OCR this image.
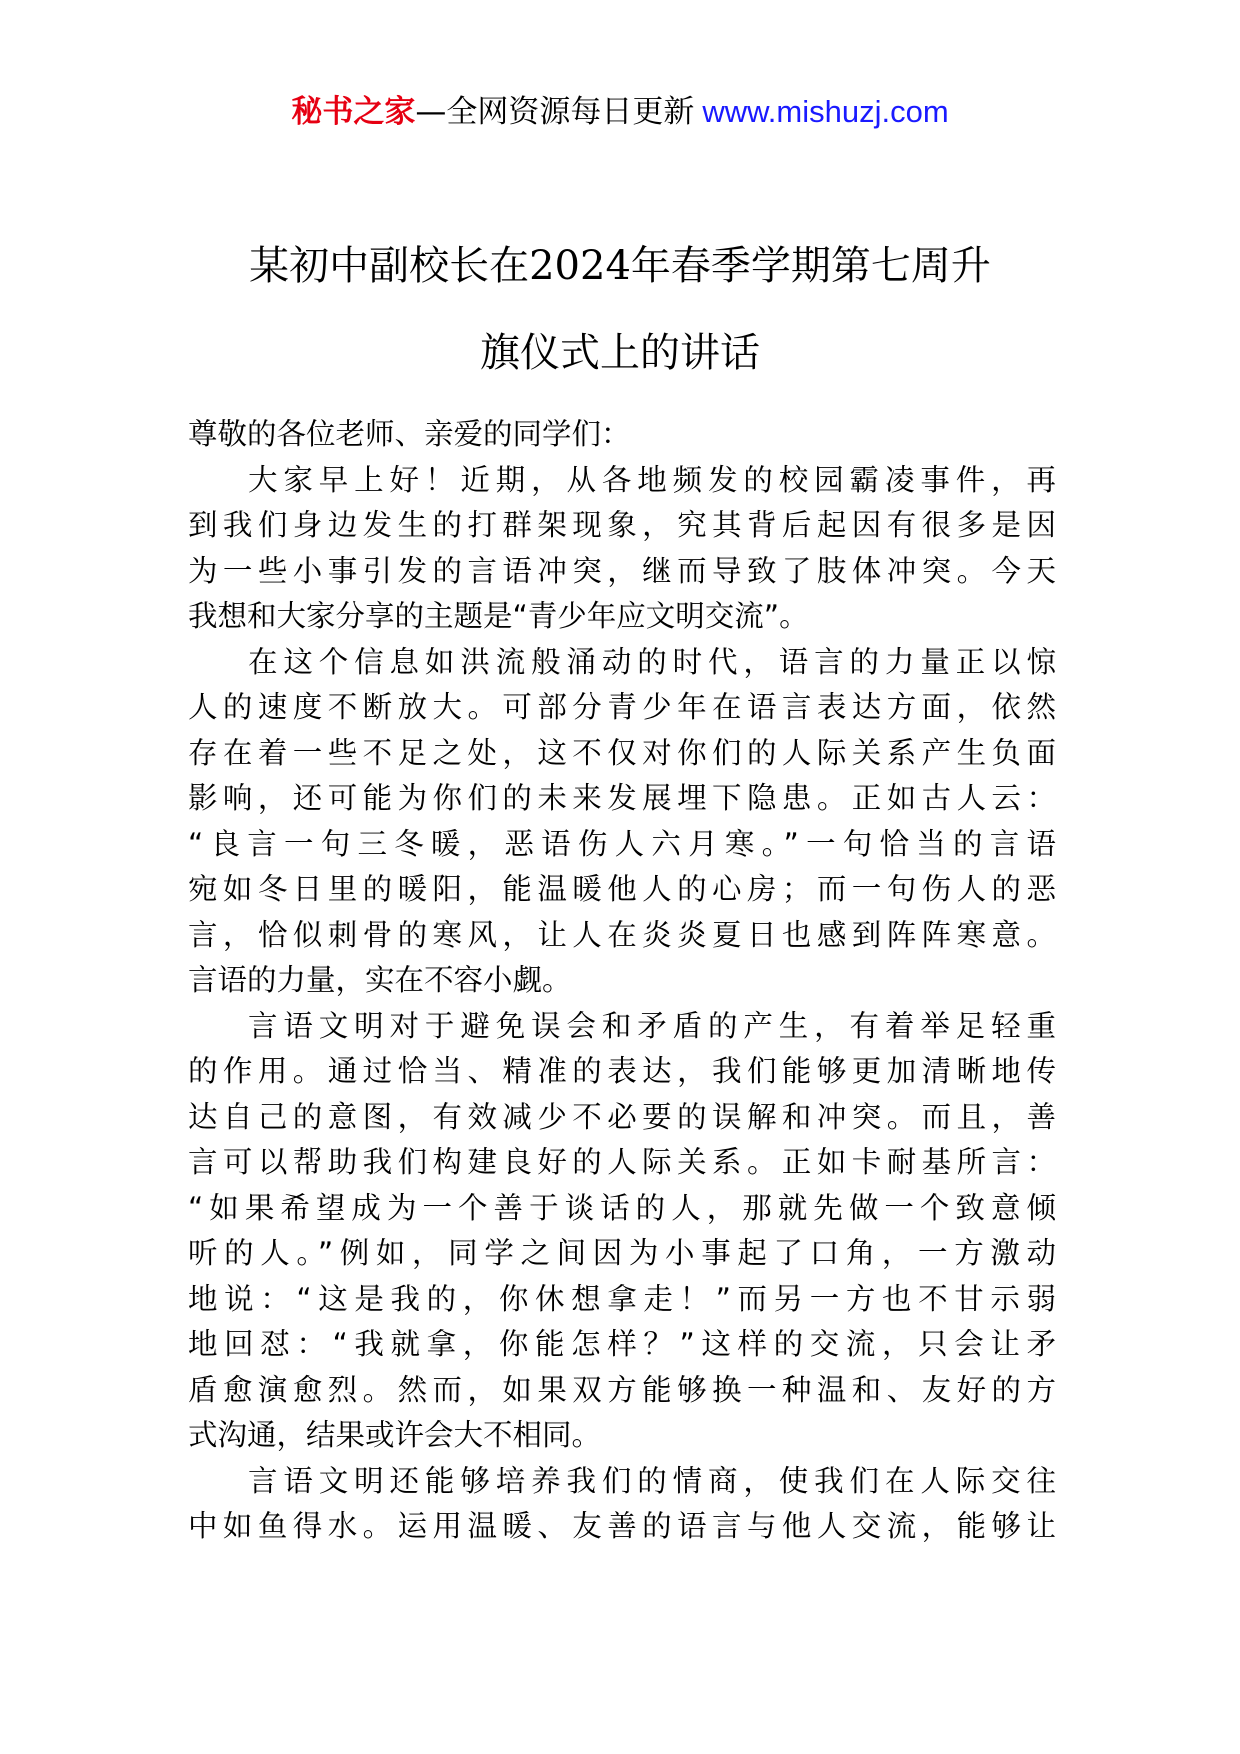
秘书之家—全网资源每日更新 www.mishuzj.com
某初中副校长在2024年春季学期第七周升
旗仪式上的讲话
尊敬的各位老师、亲爱的同学们：
大家早上好！近期，从各地频发的校园霸凌事件，再
到我们身边发生的打群架现象，究其背后起因有很多是因
为一些小事引发的言语冲突，继而导致了肢体冲突。今天
我想和大家分享的主题是“青少年应文明交流”。
在这个信息如洪流般涌动的时代，语言的力量正以惊
人的速度不断放大。可部分青少年在语言表达方面，依然
存在着一些不足之处，这不仅对你们的人际关系产生负面
影响，还可能为你们的未来发展埋下隐患。正如古人云：
“良言一句三冬暖，恶语伤人六月寒。”一句恰当的言语
宛如冬日里的暖阳，能温暖他人的心房；而一句伤人的恶
言，恰似刺骨的寒风，让人在炎炎夏日也感到阵阵寒意。
言语的力量，实在不容小觑。
言语文明对于避免误会和矛盾的产生，有着举足轻重
的作用。通过恰当、精准的表达，我们能够更加清晰地传
达自己的意图，有效减少不必要的误解和冲突。而且，善
言可以帮助我们构建良好的人际关系。正如卡耐基所言：
“如果希望成为一个善于谈话的人，那就先做一个致意倾
听的人。”例如，同学之间因为小事起了口角，一方激动
地说：“这是我的，你休想拿走！”而另一方也不甘示弱
地回怼：“我就拿，你能怎样？”这样的交流，只会让矛
盾愈演愈烈。然而，如果双方能够换一种温和、友好的方
式沟通，结果或许会大不相同。
言语文明还能够培养我们的情商，使我们在人际交往
中如鱼得水。运用温暖、友善的语言与他人交流，能够让
